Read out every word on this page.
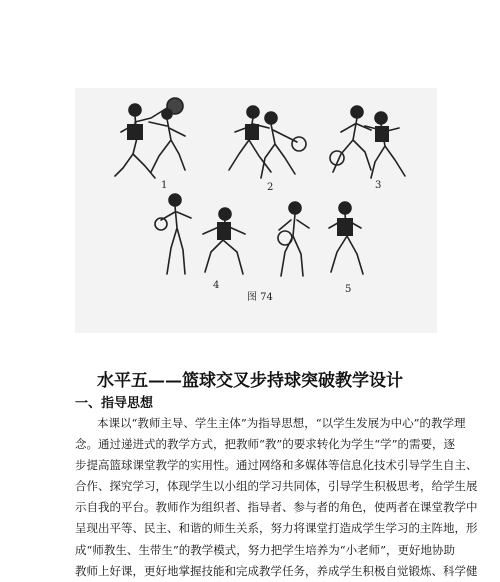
1	2	3
4	5
图 74
水平五——篮球交叉步持球突破教学设计
一、指导思想
本课以“教师主导、学生主体”为指导思想，“以学生发展为中心”的教学理
念。通过递进式的教学方式，把教师“教”的要求转化为学生“学”的需要，逐
步提高篮球课堂教学的实用性。通过网络和多媒体等信息化技术引导学生自主、
合作、探究学习，体现学生以小组的学习共同体，引导学生积极思考，给学生展
示自我的平台。教师作为组织者、指导者、参与者的角色，使两者在课堂教学中
呈现出平等、民主、和谐的师生关系，努力将课堂打造成学生学习的主阵地，形
成“师教生、生带生”的教学模式，努力把学生培养为“小老师”，更好地协助
教师上好课，更好地掌握技能和完成教学任务，养成学生积极自觉锻炼、科学健
